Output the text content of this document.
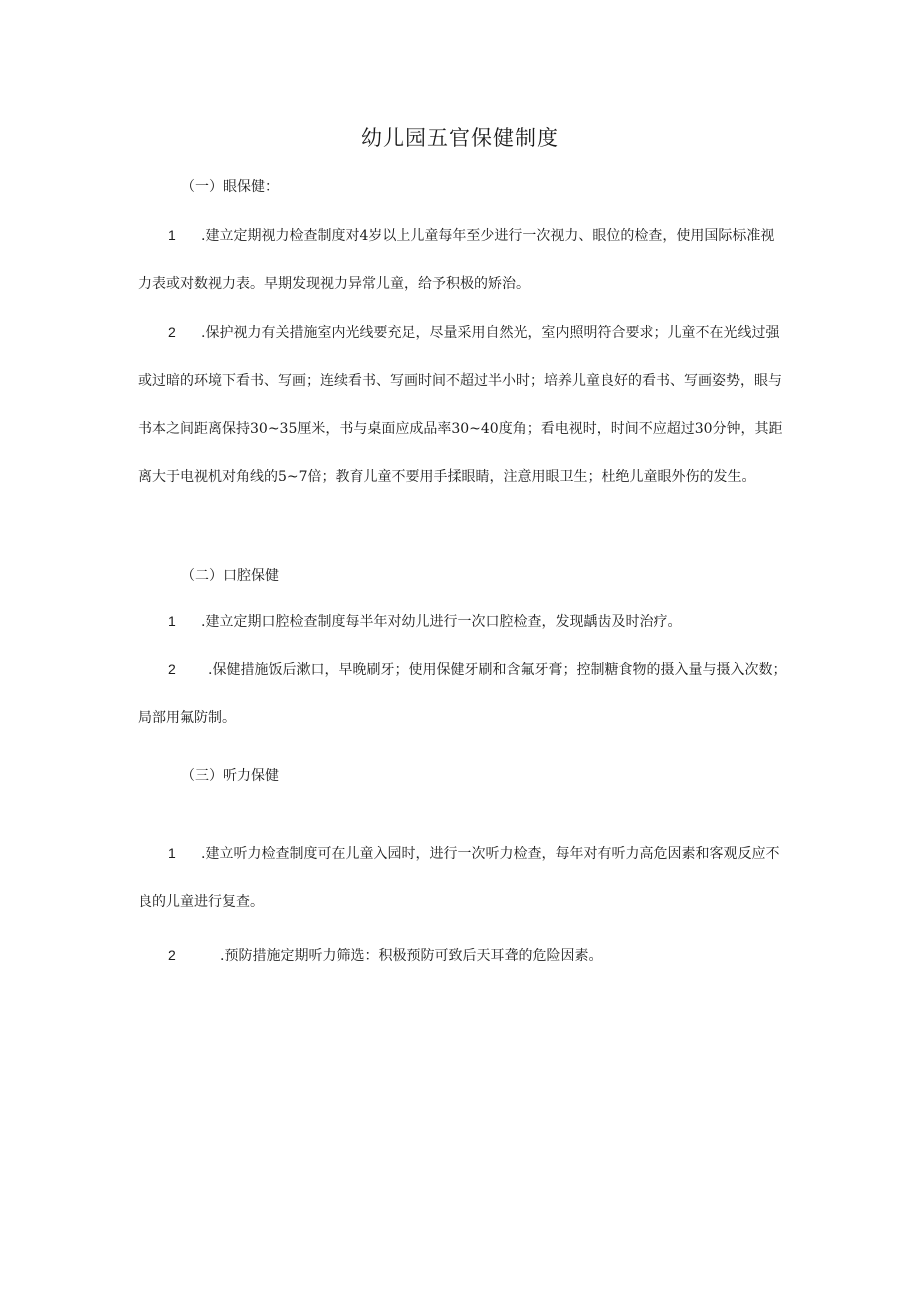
幼儿园五官保健制度

（一）眼保健：

1 .建立定期视力检查制度对4岁以上儿童每年至少进行一次视力、眼位的检查，使用国际标准视力表或对数视力表。早期发现视力异常儿童，给予积极的矫治。

2 .保护视力有关措施室内光线要充足，尽量采用自然光，室内照明符合要求；儿童不在光线过强或过暗的环境下看书、写画；连续看书、写画时间不超过半小时；培养儿童良好的看书、写画姿势，眼与书本之间距离保持30~35厘米，书与桌面应成品率30~40度角；看电视时，时间不应超过30分钟，其距离大于电视机对角线的5~7倍；教育儿童不要用手揉眼睛，注意用眼卫生；杜绝儿童眼外伤的发生。

（二）口腔保健

1 .建立定期口腔检查制度每半年对幼儿进行一次口腔检查，发现龋齿及时治疗。

2 .保健措施饭后漱口，早晚刷牙；使用保健牙刷和含氟牙膏；控制糖食物的摄入量与摄入次数；局部用氟防制。

（三）听力保健

1 .建立听力检查制度可在儿童入园时，进行一次听力检查，每年对有听力高危因素和客观反应不良的儿童进行复查。

2	.预防措施定期听力筛选：积极预防可致后天耳聋的危险因素。
